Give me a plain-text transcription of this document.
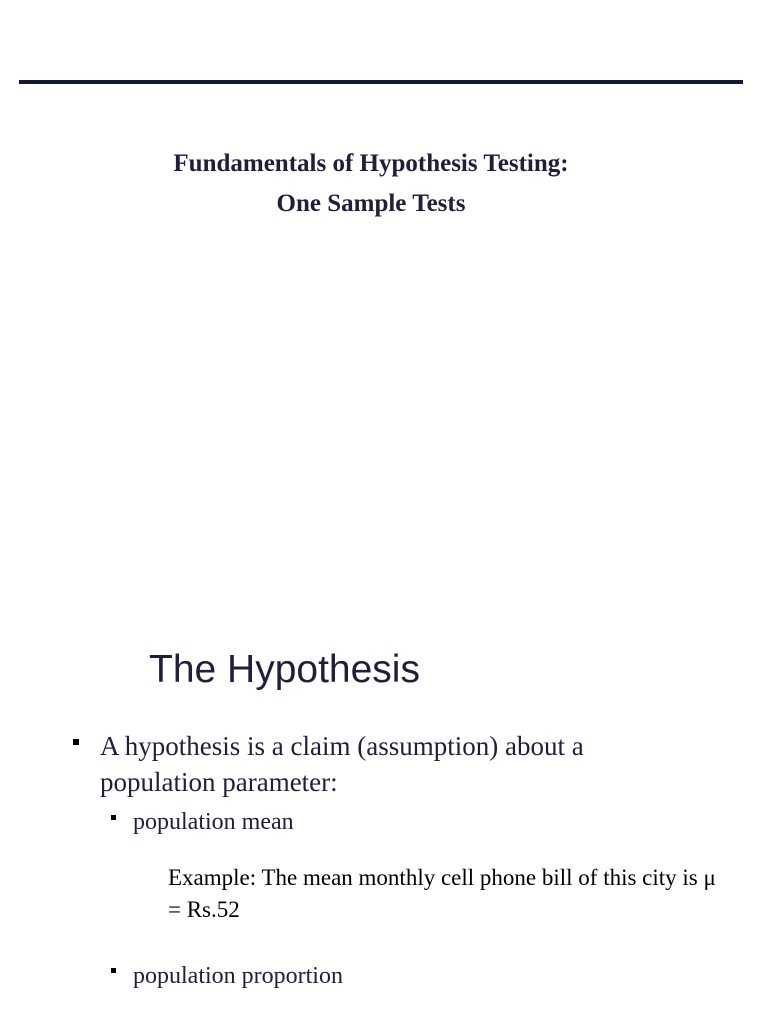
Fundamentals of Hypothesis Testing:
One Sample Tests
The Hypothesis
A hypothesis is a claim (assumption) about a population parameter:
population mean
Example: The mean monthly cell phone bill of this city is μ = Rs.52
population proportion
